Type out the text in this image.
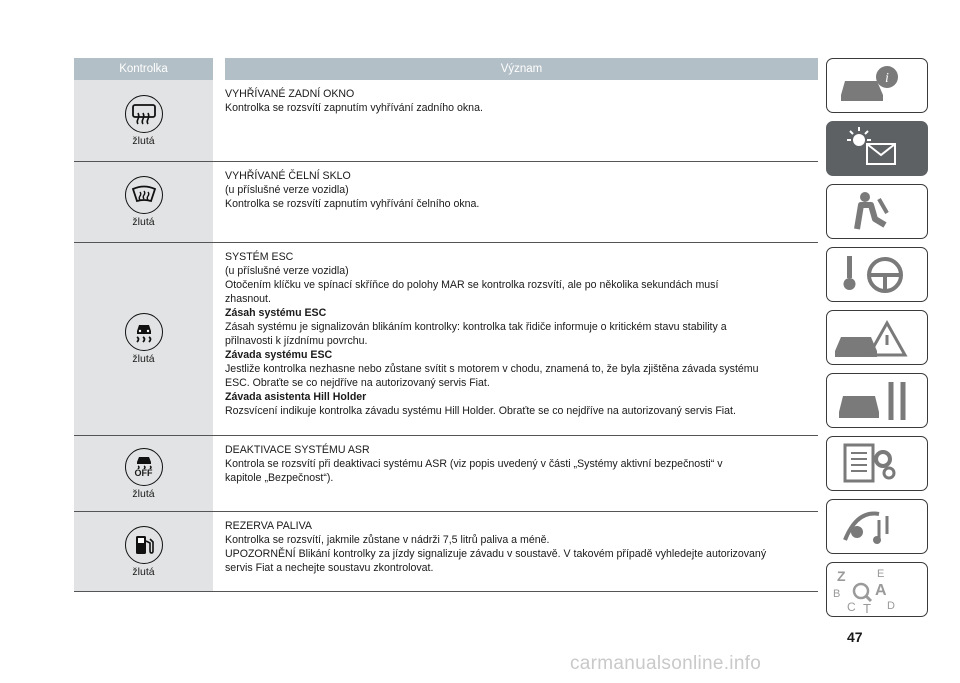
Kontrolka	Význam
žlutá
VYHŘÍVANÉ ZADNÍ OKNO
Kontrolka se rozsvítí zapnutím vyhřívání zadního okna.
žlutá
VYHŘÍVANÉ ČELNÍ SKLO
(u příslušné verze vozidla)
Kontrolka se rozsvítí zapnutím vyhřívání čelního okna.
žlutá
SYSTÉM ESC
(u příslušné verze vozidla)
Otočením klíčku ve spínací skříňce do polohy MAR se kontrolka rozsvítí, ale po několika sekundách musí
zhasnout.
Zásah systému ESC
Zásah systému je signalizován blikáním kontrolky: kontrolka tak řidiče informuje o kritickém stavu stability a
přilnavosti k jízdnímu povrchu.
Závada systému ESC
Jestliže kontrolka nezhasne nebo zůstane svítit s motorem v chodu, znamená to, že byla zjištěna závada systému
ESC. Obraťte se co nejdříve na autorizovaný servis Fiat.
Závada asistenta Hill Holder
Rozsvícení indikuje kontrolka závadu systému Hill Holder. Obraťte se co nejdříve na autorizovaný servis Fiat.
OFF
žlutá
DEAKTIVACE SYSTÉMU ASR
Kontrola se rozsvítí při deaktivaci systému ASR (viz popis uvedený v části „Systémy aktivní bezpečnosti“ v
kapitole „Bezpečnost“).
žlutá
REZERVA PALIVA
Kontrolka se rozsvítí, jakmile zůstane v nádrži 7,5 litrů paliva a méně.
UPOZORNĚNÍ Blikání kontrolky za jízdy signalizuje závadu v soustavě. V takovém případě vyhledejte autorizovaný
servis Fiat a nechejte soustavu zkontrolovat.
i
Z	E
B A
C T D
47
carmanualsonline.info
